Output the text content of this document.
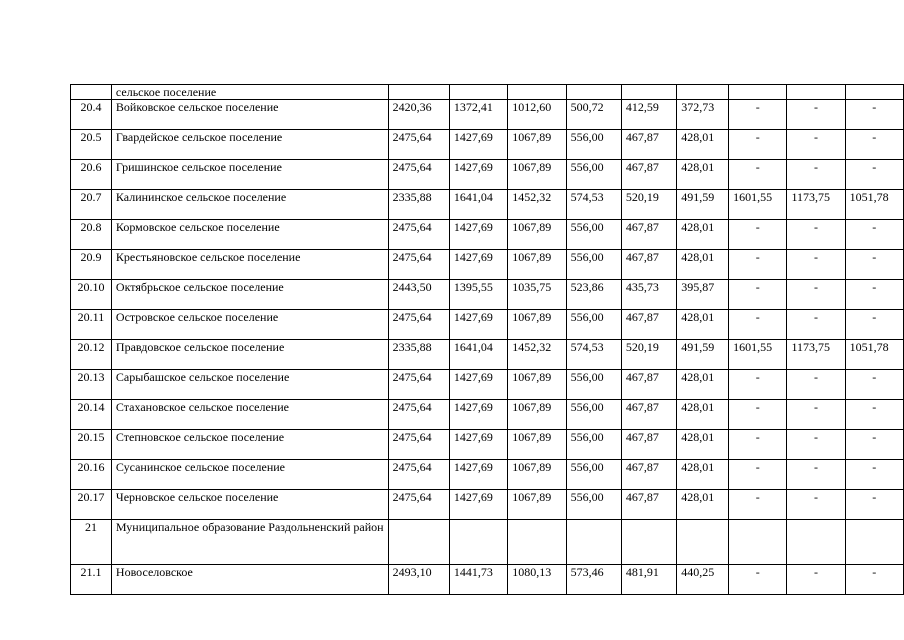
	сельское поселение									
20.4	Войковское сельское поселение	2420,36	1372,41	1012,60	500,72	412,59	372,73	-	-	-
20.5	Гвардейское сельское поселение	2475,64	1427,69	1067,89	556,00	467,87	428,01	-	-	-
20.6	Гришинское сельское поселение	2475,64	1427,69	1067,89	556,00	467,87	428,01	-	-	-
20.7	Калининское сельское поселение	2335,88	1641,04	1452,32	574,53	520,19	491,59	1601,55	1173,75	1051,78
20.8	Кормовское сельское поселение	2475,64	1427,69	1067,89	556,00	467,87	428,01	-	-	-
20.9	Крестьяновское сельское поселение	2475,64	1427,69	1067,89	556,00	467,87	428,01	-	-	-
20.10	Октябрьское сельское поселение	2443,50	1395,55	1035,75	523,86	435,73	395,87	-	-	-
20.11	Островское сельское поселение	2475,64	1427,69	1067,89	556,00	467,87	428,01	-	-	-
20.12	Правдовское сельское поселение	2335,88	1641,04	1452,32	574,53	520,19	491,59	1601,55	1173,75	1051,78
20.13	Сарыбашское сельское поселение	2475,64	1427,69	1067,89	556,00	467,87	428,01	-	-	-
20.14	Стахановское сельское поселение	2475,64	1427,69	1067,89	556,00	467,87	428,01	-	-	-
20.15	Степновское сельское поселение	2475,64	1427,69	1067,89	556,00	467,87	428,01	-	-	-
20.16	Сусанинское сельское поселение	2475,64	1427,69	1067,89	556,00	467,87	428,01	-	-	-
20.17	Черновское сельское поселение	2475,64	1427,69	1067,89	556,00	467,87	428,01	-	-	-
21	Муниципальное образование Раздольненский район									
21.1	Новоселовское	2493,10	1441,73	1080,13	573,46	481,91	440,25	-	-	-
